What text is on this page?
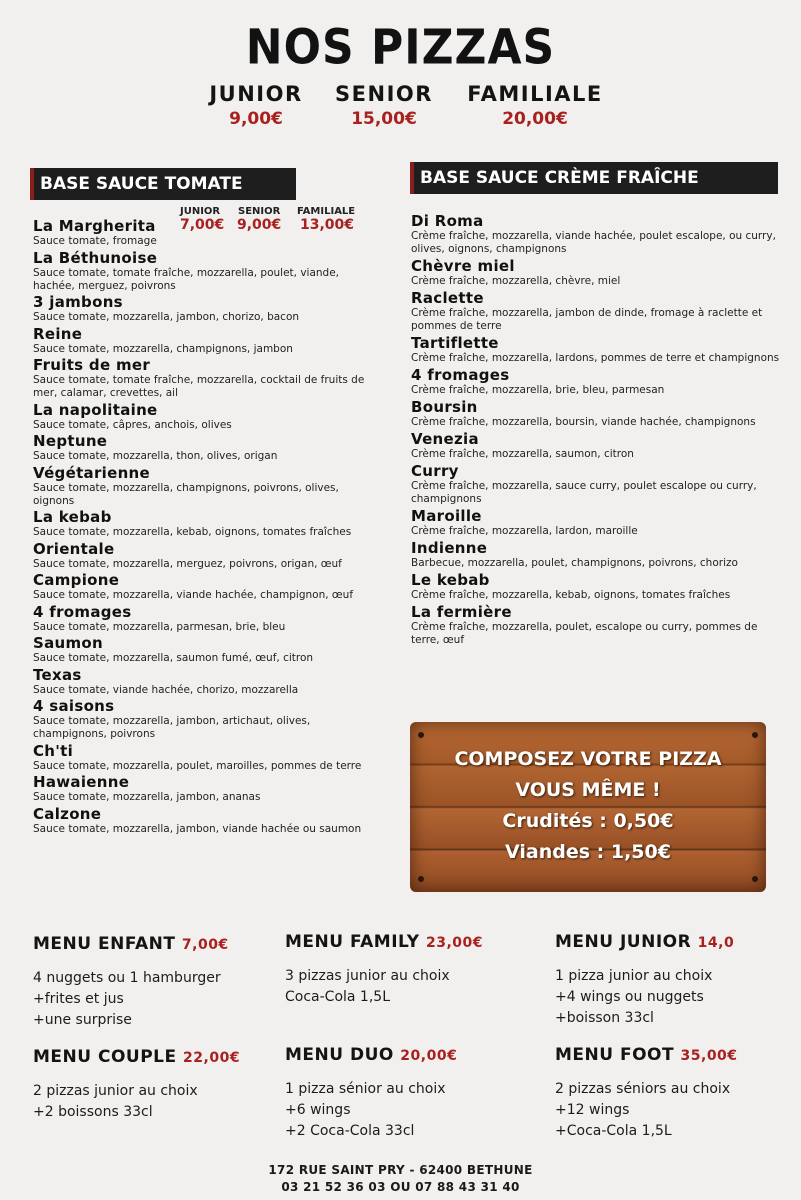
NOS PIZZAS
JUNIOR
9,00€
SENIOR
15,00€
FAMILIALE
20,00€
BASE SAUCE TOMATE
JUNIOR SENIOR FAMILIALE
7,00€ 9,00€ 13,00€
La Margherita
Sauce tomate, fromage
La Béthunoise
Sauce tomate, tomate fraîche, mozzarella, poulet, viande, hachée, merguez, poivrons
3 jambons
Sauce tomate, mozzarella, jambon, chorizo, bacon
Reine
Sauce tomate, mozzarella, champignons, jambon
Fruits de mer
Sauce tomate, tomate fraîche, mozzarella, cocktail de fruits de mer, calamar, crevettes, ail
La napolitaine
Sauce tomate, câpres, anchois, olives
Neptune
Sauce tomate, mozzarella, thon, olives, origan
Végétarienne
Sauce tomate, mozzarella, champignons, poivrons, olives, oignons
La kebab
Sauce tomate, mozzarella, kebab, oignons, tomates fraîches
Orientale
Sauce tomate, mozzarella, merguez, poivrons, origan, œuf
Campione
Sauce tomate, mozzarella, viande hachée, champignon, œuf
4 fromages
Sauce tomate, mozzarella, parmesan, brie, bleu
Saumon
Sauce tomate, mozzarella, saumon fumé, œuf, citron
Texas
Sauce tomate, viande hachée, chorizo, mozzarella
4 saisons
Sauce tomate, mozzarella, jambon, artichaut, olives, champignons, poivrons
Ch'ti
Sauce tomate, mozzarella, poulet, maroilles, pommes de terre
Hawaienne
Sauce tomate, mozzarella, jambon, ananas
Calzone
Sauce tomate, mozzarella, jambon, viande hachée ou saumon
BASE SAUCE CRÈME FRAÎCHE
Di Roma
Crème fraîche, mozzarella, viande hachée, poulet escalope, ou curry, olives, oignons, champignons
Chèvre miel
Crème fraîche, mozzarella, chèvre, miel
Raclette
Crème fraîche, mozzarella, jambon de dinde, fromage à raclette et pommes de terre
Tartiflette
Crème fraîche, mozzarella, lardons, pommes de terre et champignons
4 fromages
Crème fraîche, mozzarella, brie, bleu, parmesan
Boursin
Crème fraîche, mozzarella, boursin, viande hachée, champignons
Venezia
Crème fraîche, mozzarella, saumon, citron
Curry
Crème fraîche, mozzarella, sauce curry, poulet escalope ou curry, champignons
Maroille
Crème fraîche, mozzarella, lardon, maroille
Indienne
Barbecue, mozzarella, poulet, champignons, poivrons, chorizo
Le kebab
Crème fraîche, mozzarella, kebab, oignons, tomates fraîches
La fermière
Crème fraîche, mozzarella, poulet, escalope ou curry, pommes de terre, œuf
COMPOSEZ VOTRE PIZZA
VOUS MÊME !
Crudités : 0,50€
Viandes : 1,50€
MENU ENFANT 7,00€
4 nuggets ou 1 hamburger
+frites et jus
+une surprise
MENU FAMILY 23,00€
3 pizzas junior au choix
Coca-Cola 1,5L
MENU JUNIOR 14,0
1 pizza junior au choix
+4 wings ou nuggets
+boisson 33cl
MENU COUPLE 22,00€
2 pizzas junior au choix
+2 boissons 33cl
MENU DUO 20,00€
1 pizza sénior au choix
+6 wings
+2 Coca-Cola 33cl
MENU FOOT 35,00€
2 pizzas séniors au choix
+12 wings
+Coca-Cola 1,5L
172 RUE SAINT PRY - 62400 BETHUNE
03 21 52 36 03 OU 07 88 43 31 40
